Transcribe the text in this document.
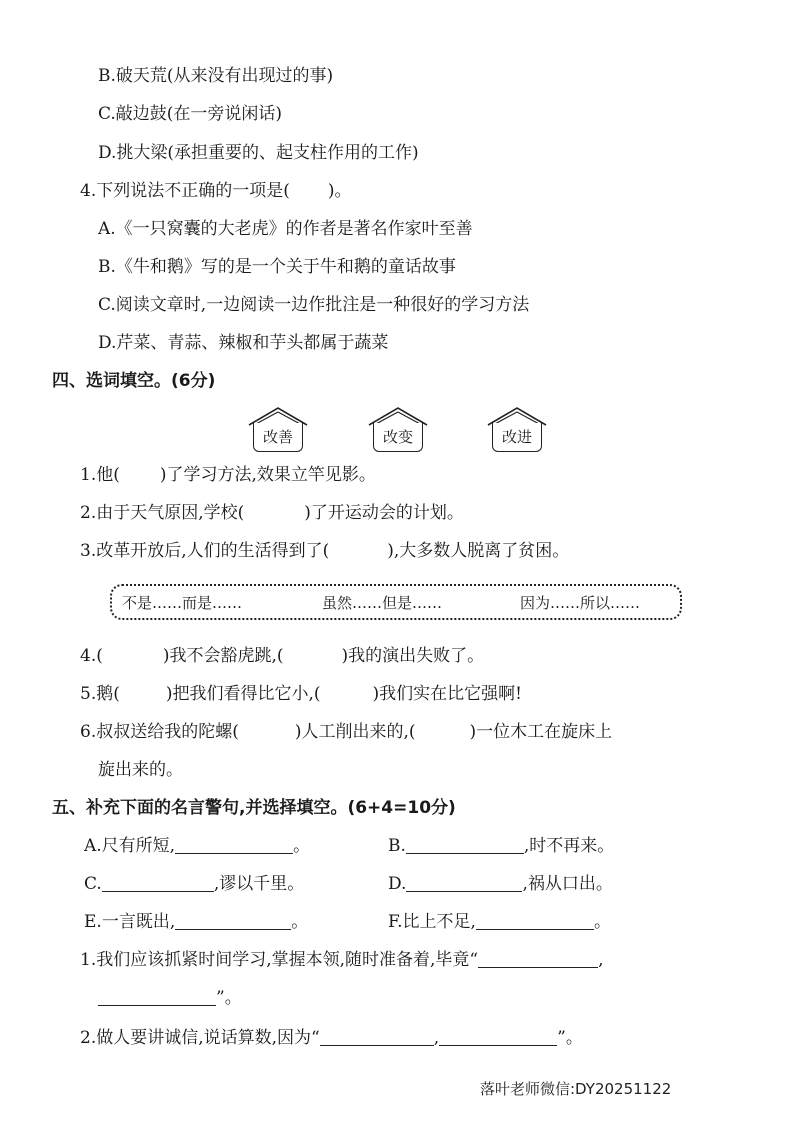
B.破天荒(从来没有出现过的事)
C.敲边鼓(在一旁说闲话)
D.挑大梁(承担重要的、起支柱作用的工作)
4.下列说法不正确的一项是( )。
A.《一只窝囊的大老虎》的作者是著名作家叶至善
B.《牛和鹅》写的是一个关于牛和鹅的童话故事
C.阅读文章时,一边阅读一边作批注是一种很好的学习方法
D.芹菜、青蒜、辣椒和芋头都属于蔬菜
四、选词填空。(6分)
改善	改变	改进
1.他( )了学习方法,效果立竿见影。
2.由于天气原因,学校(	)了开运动会的计划。
3.改革开放后,人们的生活得到了(	),大多数人脱离了贫困。
不是……而是……	虽然……但是……	因为……所以……
4.(	)我不会豁虎跳,(	)我的演出失败了。
5.鹅(	)把我们看得比它小,(	)我们实在比它强啊!
6.叔叔送给我的陀螺(	)人工削出来的,(	)一位木工在旋床上
旋出来的。
五、补充下面的名言警句,并选择填空。(6+4=10分)
A.尺有所短,	。	B.	,时不再来。
C.	,谬以千里。	D.	,祸从口出。
E.一言既出,	。	F.比上不足,	。
1.我们应该抓紧时间学习,掌握本领,随时准备着,毕竟“	,
”。
2.做人要讲诚信,说话算数,因为“	,	”。
落叶老师微信:DY20251122
